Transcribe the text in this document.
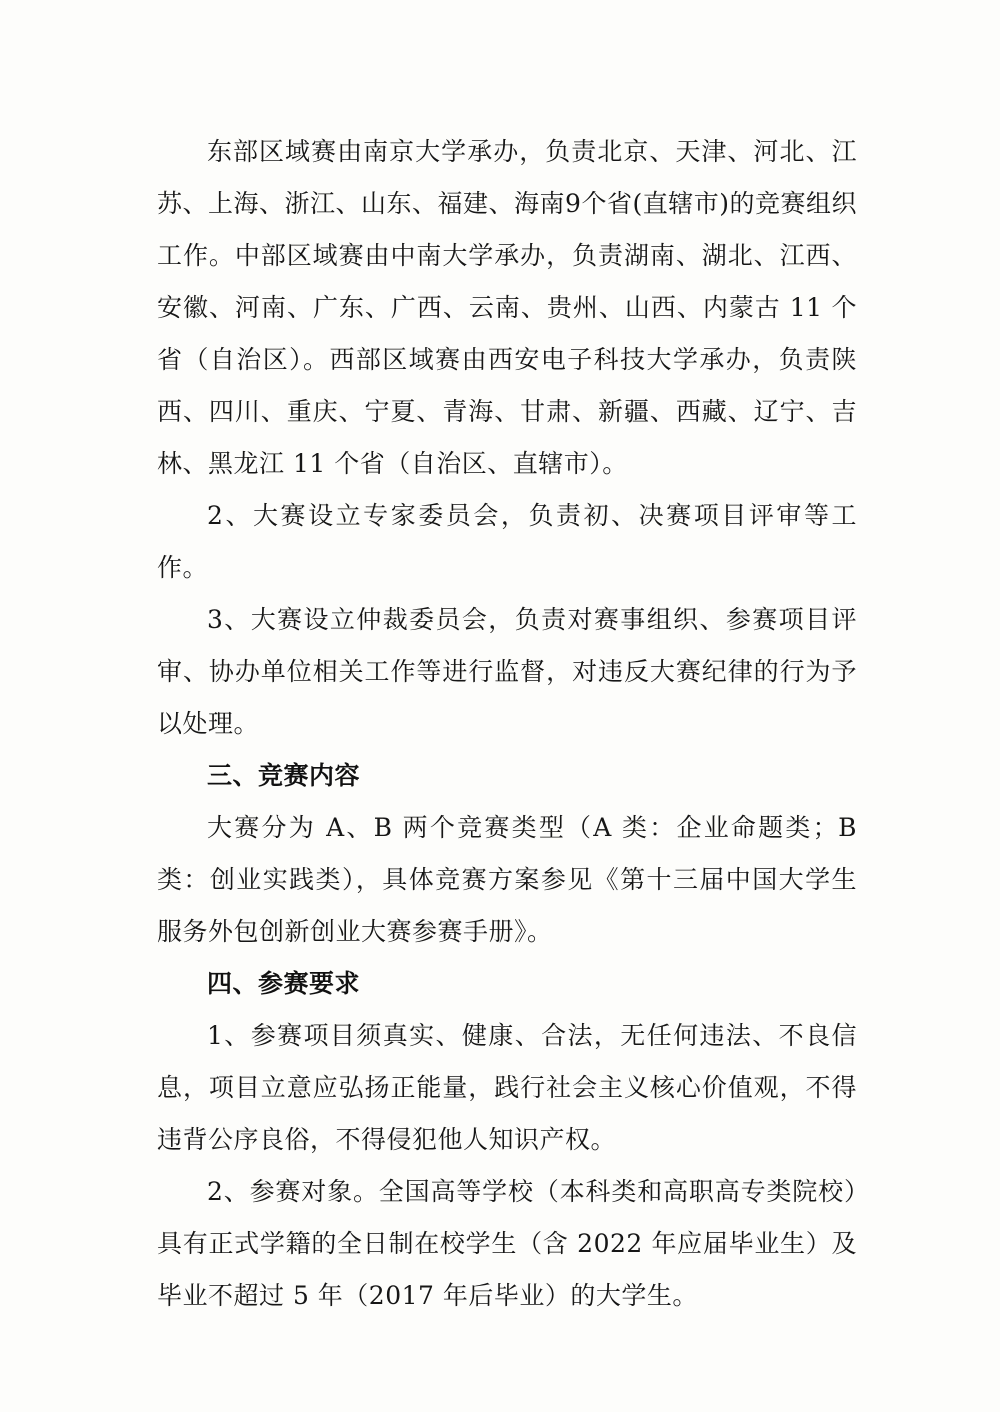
东部区域赛由南京大学承办，负责北京、天津、河北、江苏、上海、浙江、山东、福建、海南9个省(直辖市)的竞赛组织工作。中部区域赛由中南大学承办，负责湖南、湖北、江西、安徽、河南、广东、广西、云南、贵州、山西、内蒙古 11 个省（自治区）。西部区域赛由西安电子科技大学承办，负责陕西、四川、重庆、宁夏、青海、甘肃、新疆、西藏、辽宁、吉林、黑龙江 11 个省（自治区、直辖市）。

2、大赛设立专家委员会，负责初、决赛项目评审等工作。

3、大赛设立仲裁委员会，负责对赛事组织、参赛项目评审、协办单位相关工作等进行监督，对违反大赛纪律的行为予以处理。

三、竞赛内容

大赛分为 A、B 两个竞赛类型（A 类：企业命题类；B 类：创业实践类），具体竞赛方案参见《第十三届中国大学生服务外包创新创业大赛参赛手册》。

四、参赛要求

1、参赛项目须真实、健康、合法，无任何违法、不良信息，项目立意应弘扬正能量，践行社会主义核心价值观，不得违背公序良俗，不得侵犯他人知识产权。

2、参赛对象。全国高等学校（本科类和高职高专类院校）具有正式学籍的全日制在校学生（含 2022 年应届毕业生）及毕业不超过 5 年（2017 年后毕业）的大学生。
